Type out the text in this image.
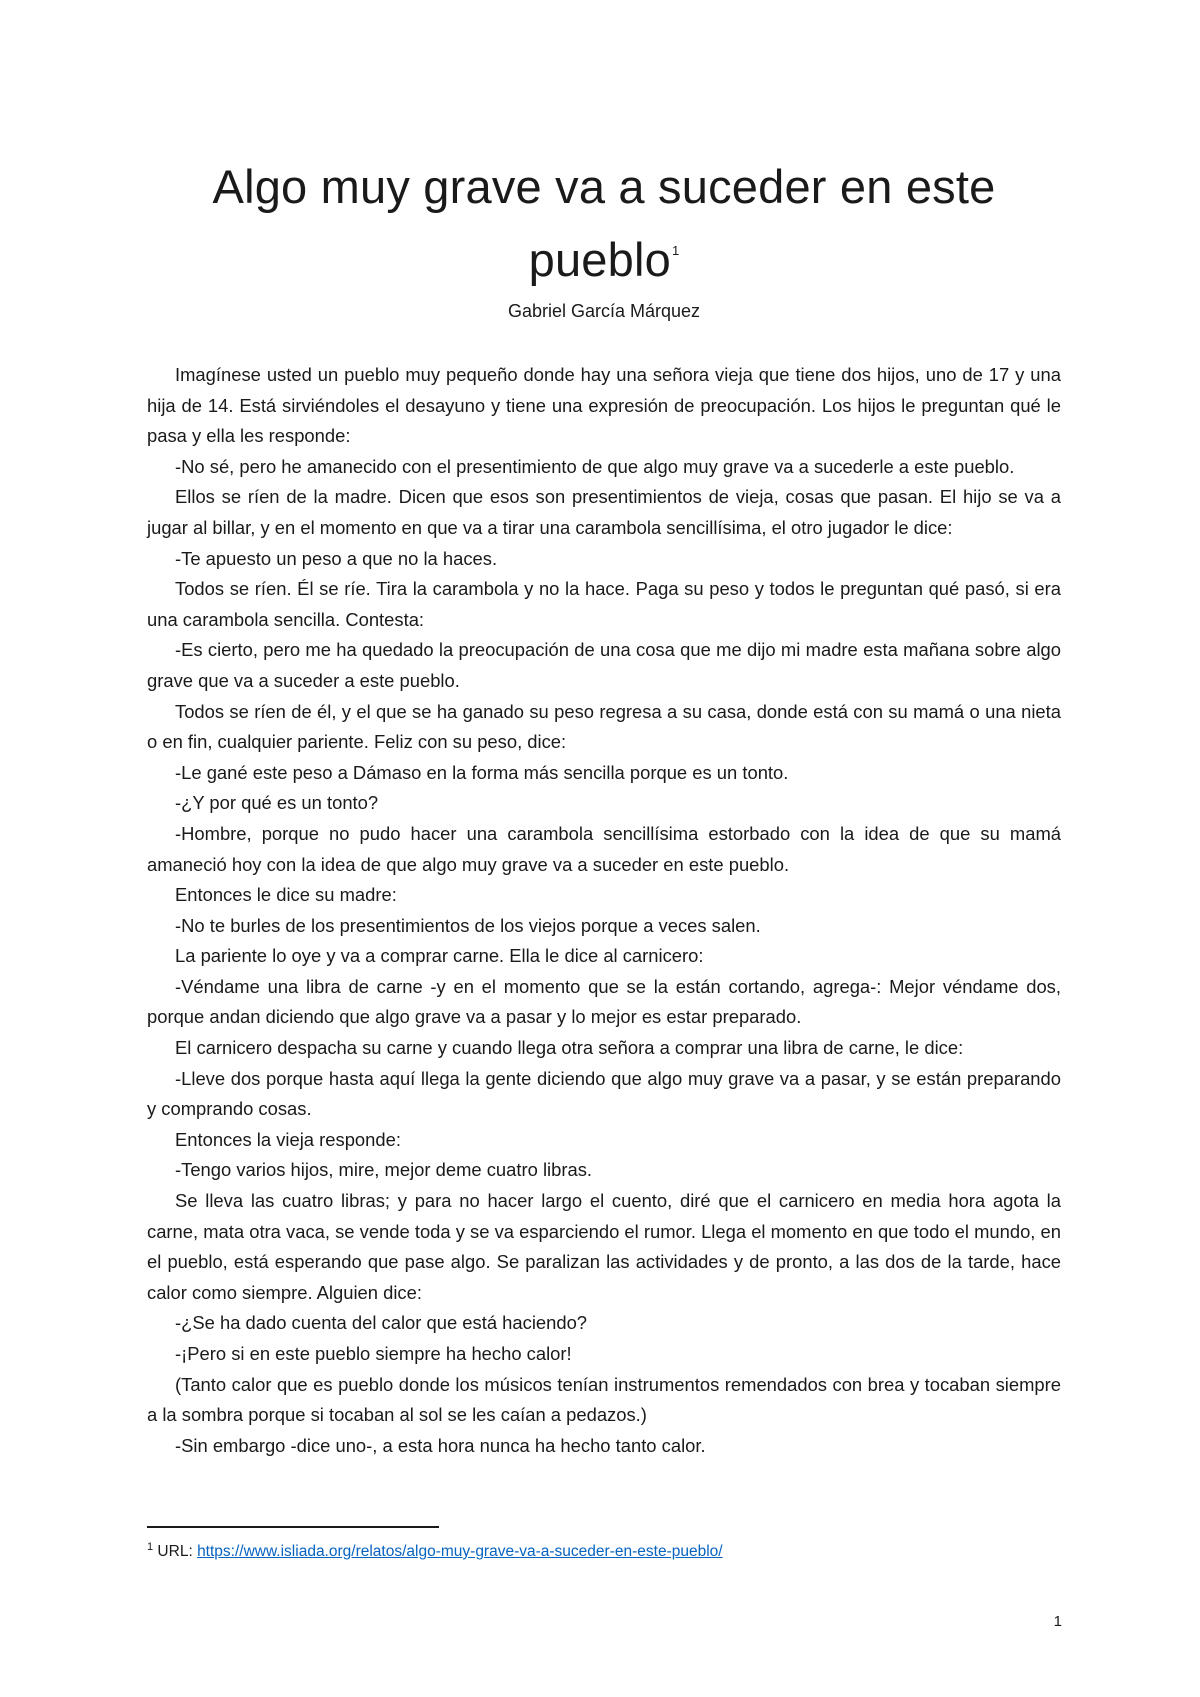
Algo muy grave va a suceder en este
pueblo$^1$
Gabriel García Márquez

Imagínese usted un pueblo muy pequeño donde hay una señora vieja que tiene dos hijos, uno de 17 y una hija de 14. Está sirviéndoles el desayuno y tiene una expresión de preocupación. Los hijos le preguntan qué le pasa y ella les responde:

-No sé, pero he amanecido con el presentimiento de que algo muy grave va a sucederle a este pueblo.

Ellos se ríen de la madre. Dicen que esos son presentimientos de vieja, cosas que pasan. El hijo se va a jugar al billar, y en el momento en que va a tirar una carambola sencillísima, el otro jugador le dice:

-Te apuesto un peso a que no la haces.

Todos se ríen. Él se ríe. Tira la carambola y no la hace. Paga su peso y todos le preguntan qué pasó, si era una carambola sencilla. Contesta:

-Es cierto, pero me ha quedado la preocupación de una cosa que me dijo mi madre esta mañana sobre algo grave que va a suceder a este pueblo.

Todos se ríen de él, y el que se ha ganado su peso regresa a su casa, donde está con su mamá o una nieta o en fin, cualquier pariente. Feliz con su peso, dice:

-Le gané este peso a Dámaso en la forma más sencilla porque es un tonto.

-¿Y por qué es un tonto?

-Hombre, porque no pudo hacer una carambola sencillísima estorbado con la idea de que su mamá amaneció hoy con la idea de que algo muy grave va a suceder en este pueblo.

Entonces le dice su madre:

-No te burles de los presentimientos de los viejos porque a veces salen.

La pariente lo oye y va a comprar carne. Ella le dice al carnicero:

-Véndame una libra de carne -y en el momento que se la están cortando, agrega-: Mejor véndame dos, porque andan diciendo que algo grave va a pasar y lo mejor es estar preparado.

El carnicero despacha su carne y cuando llega otra señora a comprar una libra de carne, le dice:

-Lleve dos porque hasta aquí llega la gente diciendo que algo muy grave va a pasar, y se están preparando y comprando cosas.

Entonces la vieja responde:

-Tengo varios hijos, mire, mejor deme cuatro libras.

Se lleva las cuatro libras; y para no hacer largo el cuento, diré que el carnicero en media hora agota la carne, mata otra vaca, se vende toda y se va esparciendo el rumor. Llega el momento en que todo el mundo, en el pueblo, está esperando que pase algo. Se paralizan las actividades y de pronto, a las dos de la tarde, hace calor como siempre. Alguien dice:

-¿Se ha dado cuenta del calor que está haciendo?

-¡Pero si en este pueblo siempre ha hecho calor!

(Tanto calor que es pueblo donde los músicos tenían instrumentos remendados con brea y tocaban siempre a la sombra porque si tocaban al sol se les caían a pedazos.)

-Sin embargo -dice uno-, a esta hora nunca ha hecho tanto calor.

$^1$ URL: https://www.isliada.org/relatos/algo-muy-grave-va-a-suceder-en-este-pueblo/
1
